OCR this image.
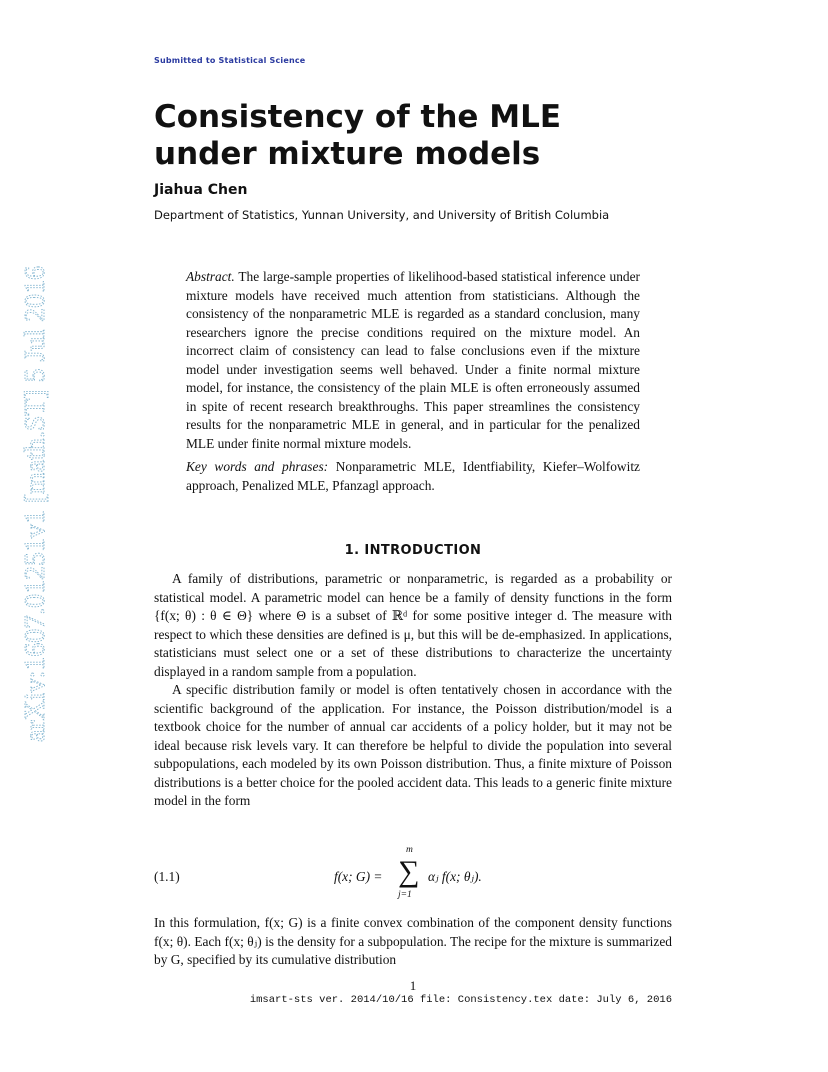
arXiv:1607.01251v1 [math.ST] 5 Jul 2016
Submitted to Statistical Science
Consistency of the MLE under mixture models
Jiahua Chen
Department of Statistics, Yunnan University, and University of British Columbia

Abstract. The large-sample properties of likelihood-based statistical inference under mixture models have received much attention from statisticians. Although the consistency of the nonparametric MLE is regarded as a standard conclusion, many researchers ignore the precise conditions required on the mixture model. An incorrect claim of consistency can lead to false conclusions even if the mixture model under investigation seems well behaved. Under a finite normal mixture model, for instance, the consistency of the plain MLE is often erroneously assumed in spite of recent research breakthroughs. This paper streamlines the consistency results for the nonparametric MLE in general, and in particular for the penalized MLE under finite normal mixture models.

Key words and phrases: Nonparametric MLE, Identfiability, Kiefer–Wolfowitz approach, Penalized MLE, Pfanzagl approach.

1. INTRODUCTION

A family of distributions, parametric or nonparametric, is regarded as a probability or statistical model. A parametric model can hence be a family of density functions in the form {f(x; θ) : θ ∈ Θ} where Θ is a subset of ℝᵈ for some positive integer d. The measure with respect to which these densities are defined is μ, but this will be de-emphasized. In applications, statisticians must select one or a set of these distributions to characterize the uncertainty displayed in a random sample from a population.

A specific distribution family or model is often tentatively chosen in accordance with the scientific background of the application. For instance, the Poisson distribution/model is a textbook choice for the number of annual car accidents of a policy holder, but it may not be ideal because risk levels vary. It can therefore be helpful to divide the population into several subpopulations, each modeled by its own Poisson distribution. Thus, a finite mixture of Poisson distributions is a better choice for the pooled accident data. This leads to a generic finite mixture model in the form

(1.1)	f(x; G) =
m
∑
j=1
αⱼ f(x; θⱼ).

In this formulation, f(x; G) is a finite convex combination of the component density functions f(x; θ). Each f(x; θⱼ) is the density for a subpopulation. The recipe for the mixture is summarized by G, specified by its cumulative distribution

1
imsart-sts ver. 2014/10/16 file: Consistency.tex date: July 6, 2016
